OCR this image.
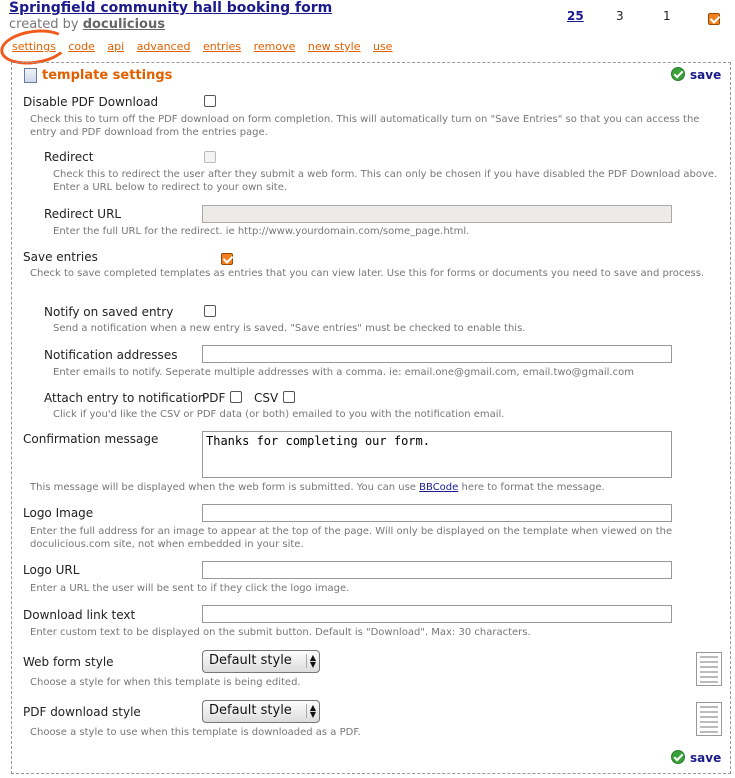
Springfield community hall booking form
created by doculicious
25	3	1

settings code api advanced entries remove new style use
template settings	save
Disable PDF Download
Check this to turn off the PDF download on form completion. This will automatically turn on "Save Entries" so that you can access the entry and PDF download from the entries page.
Redirect
Check this to redirect the user after they submit a web form. This can only be chosen if you have disabled the PDF Download above. Enter a URL below to redirect to your own site.
Redirect URL
Enter the full URL for the redirect. ie http://www.yourdomain.com/some_page.html.
Save entries

Check to save completed templates as entries that you can view later. Use this for forms or documents you need to save and process.
Notify on saved entry
Send a notification when a new entry is saved. "Save entries" must be checked to enable this.
Notification addresses
Enter emails to notify. Seperate multiple addresses with a comma. ie: email.one@gmail.com, email.two@gmail.com
Attach entry to notification
PDF CSV
Click if you'd like the CSV or PDF data (or both) emailed to you with the notification email.
Confirmation message
Thanks for completing our form.
This message will be displayed when the web form is submitted. You can use BBCode here to format the message.
Logo Image
Enter the full address for an image to appear at the top of the page. Will only be displayed on the template when viewed on the doculicious.com site, not when embedded in your site.
Logo URL
Enter a URL the user will be sent to if they click the logo image.
Download link text
Enter custom text to be displayed on the submit button. Default is "Download". Max: 30 characters.
Web form style	Default style	▲
▼
Choose a style for when this template is being edited.
PDF download style	Default style	▲
▼
Choose a style to use when this template is downloaded as a PDF.
save
